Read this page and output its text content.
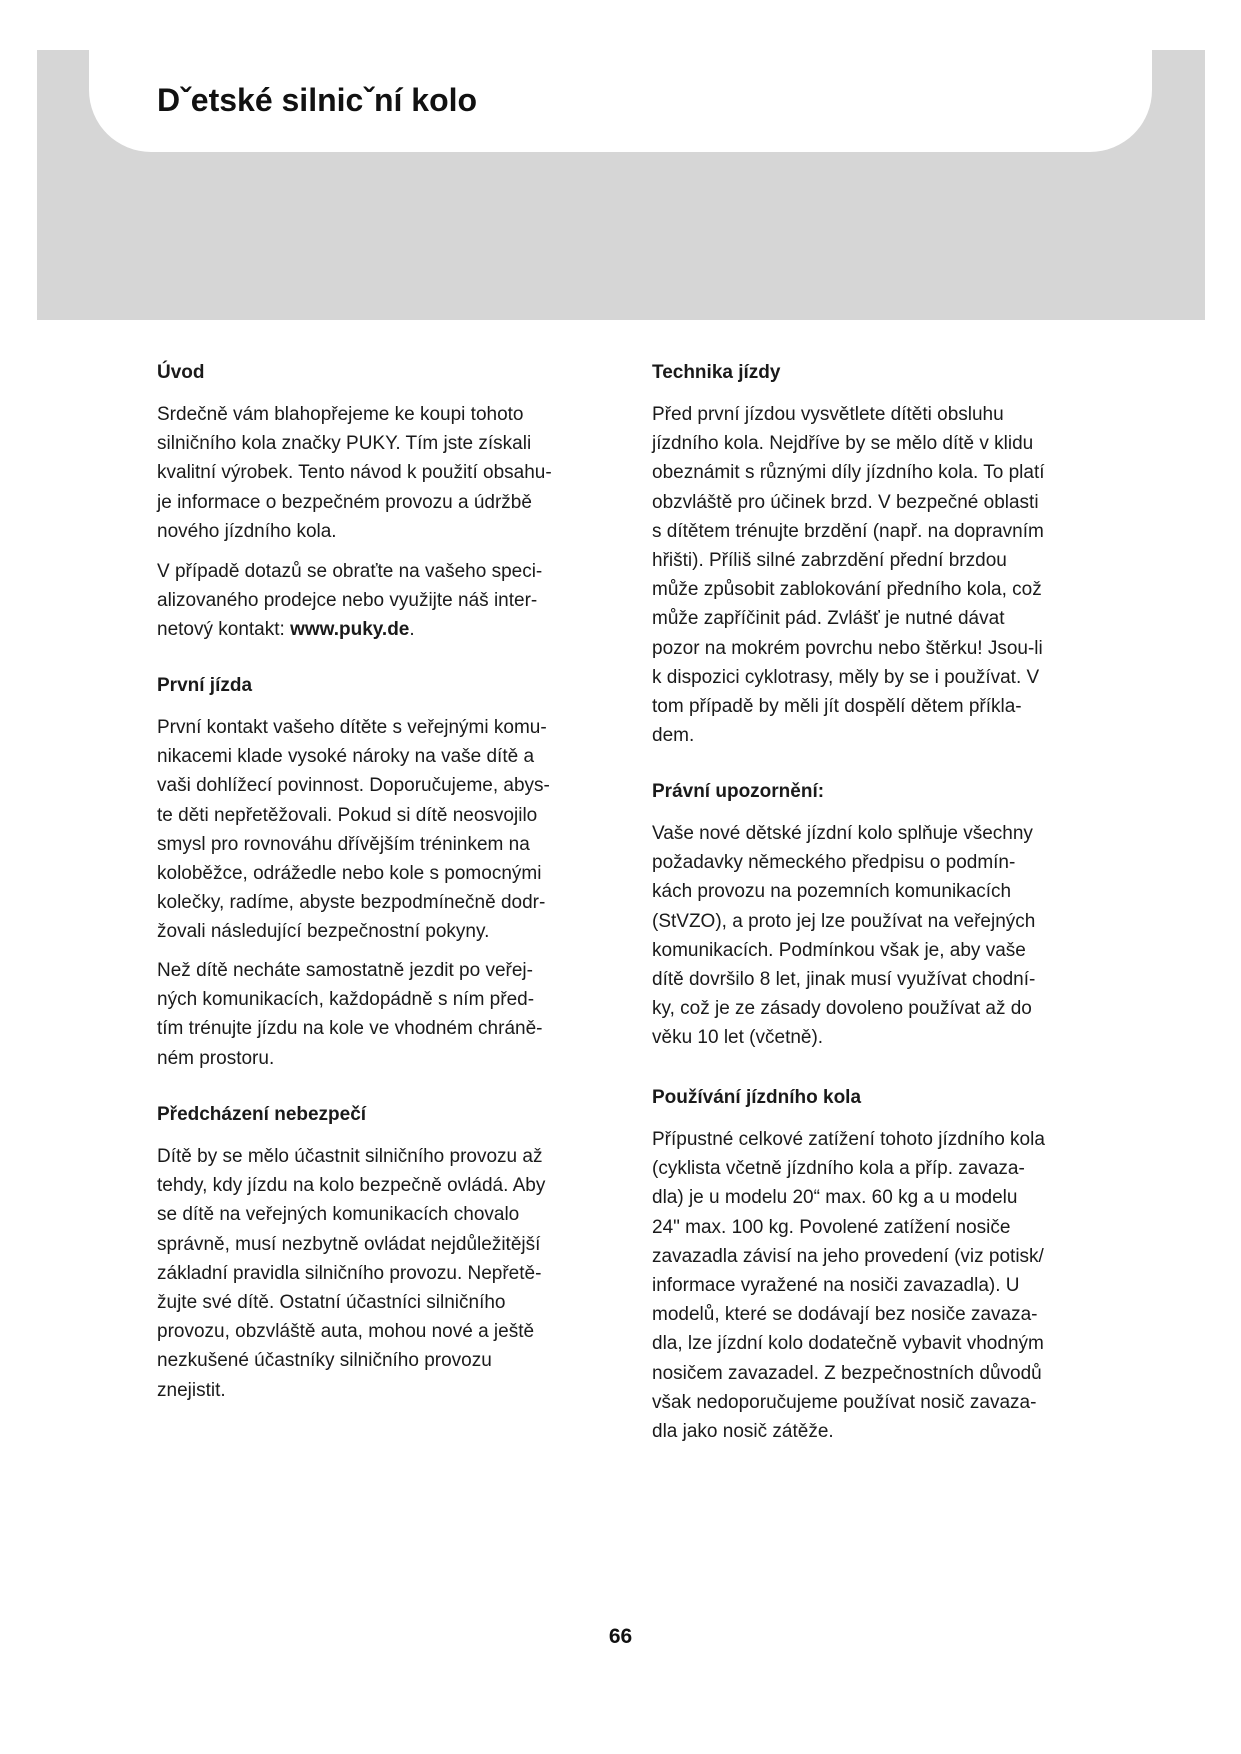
Dˇetské silnicˇní kolo
Úvod

Srdečně vám blahopřejeme ke koupi tohoto
silničního kola značky PUKY. Tím jste získali
kvalitní výrobek. Tento návod k použití obsahu-
je informace o bezpečném provozu a údržbě
nového jízdního kola.

V případě dotazů se obraťte na vašeho speci-
alizovaného prodejce nebo využijte náš inter-
netový kontakt: www.puky.de.

První jízda

První kontakt vašeho dítěte s veřejnými komu-
nikacemi klade vysoké nároky na vaše dítě a
vaši dohlížecí povinnost. Doporučujeme, abys-
te děti nepřetěžovali. Pokud si dítě neosvojilo
smysl pro rovnováhu dřívějším tréninkem na
koloběžce, odrážedle nebo kole s pomocnými
kolečky, radíme, abyste bezpodmínečně dodr-
žovali následující bezpečnostní pokyny.

Než dítě necháte samostatně jezdit po veřej-
ných komunikacích, každopádně s ním před-
tím trénujte jízdu na kole ve vhodném chráně-
ném prostoru.

Předcházení nebezpečí

Dítě by se mělo účastnit silničního provozu až
tehdy, kdy jízdu na kolo bezpečně ovládá. Aby
se dítě na veřejných komunikacích chovalo
správně, musí nezbytně ovládat nejdůležitější
základní pravidla silničního provozu. Nepřetě-
žujte své dítě. Ostatní účastníci silničního
provozu, obzvláště auta, mohou nové a ještě
nezkušené účastníky silničního provozu
znejistit.

Technika jízdy

Před první jízdou vysvětlete dítěti obsluhu
jízdního kola. Nejdříve by se mělo dítě v klidu
obeznámit s různými díly jízdního kola. To platí
obzvláště pro účinek brzd. V bezpečné oblasti
s dítětem trénujte brzdění (např. na dopravním
hřišti). Příliš silné zabrzdění přední brzdou
může způsobit zablokování předního kola, což
může zapříčinit pád. Zvlášť je nutné dávat
pozor na mokrém povrchu nebo štěrku! Jsou-li
k dispozici cyklotrasy, měly by se i používat. V
tom případě by měli jít dospělí dětem příkla-
dem.

Právní upozornění:

Vaše nové dětské jízdní kolo splňuje všechny
požadavky německého předpisu o podmín-
kách provozu na pozemních komunikacích
(StVZO), a proto jej lze používat na veřejných
komunikacích. Podmínkou však je, aby vaše
dítě dovršilo 8 let, jinak musí využívat chodní-
ky, což je ze zásady dovoleno používat až do
věku 10 let (včetně).

Používání jízdního kola

Přípustné celkové zatížení tohoto jízdního kola
(cyklista včetně jízdního kola a příp. zavaza-
dla) je u modelu 20“ max. 60 kg a u modelu
24" max. 100 kg. Povolené zatížení nosiče
zavazadla závisí na jeho provedení (viz potisk/
informace vyražené na nosiči zavazadla). U
modelů, které se dodávají bez nosiče zavaza-
dla, lze jízdní kolo dodatečně vybavit vhodným
nosičem zavazadel. Z bezpečnostních důvodů
však nedoporučujeme používat nosič zavaza-
dla jako nosič zátěže.

66
